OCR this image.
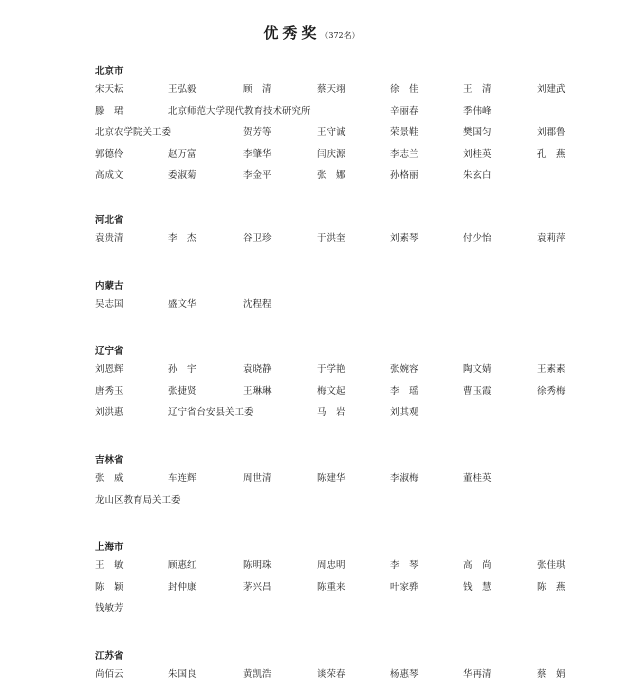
优秀奖（372名）
北京市
宋天耘	王弘毅	顾　清	蔡天翊	徐　佳	王　清	刘建武
滕　珺	北京师范大学现代教育技术研究所	辛丽春	季伟峰
北京农学院关工委	贺芳等	王守诚	荣景鞋	樊国匀	刘郡鲁
郭德伶	赵万富	李肇华	闫庆源	李志兰	刘桂英	孔　燕
高成文	委淑菊	李金平	张　娜	孙格丽	朱玄白
河北省
袁贵清	李　杰	谷卫珍	于洪奎	刘素琴	付少怡	袁莉萍
内蒙古
吴志国	盛文华	沈程程
辽宁省
刘恩辉	孙　宇	袁晓静	于学艳	张婉容	陶文婧	王素素
唐秀玉	张捷贤	王琳琳	梅文起	李　瑶	曹玉霞	徐秀梅
刘洪惠	辽宁省台安县关工委	马　岩	刘其观
吉林省
张　威	车连辉	周世清	陈建华	李淑梅	董桂英
龙山区教育局关工委
上海市
王　敏	顾惠红	陈明珠	周忠明	李　琴	高　尚	张佳琪
陈　颖	封仲康	茅兴昌	陈重来	叶家骅	钱　慧	陈　燕
钱敏芳
江苏省
尚佰云	朱国良	黄凯浩	谈荣春	杨惠琴	华再清	蔡　娟
